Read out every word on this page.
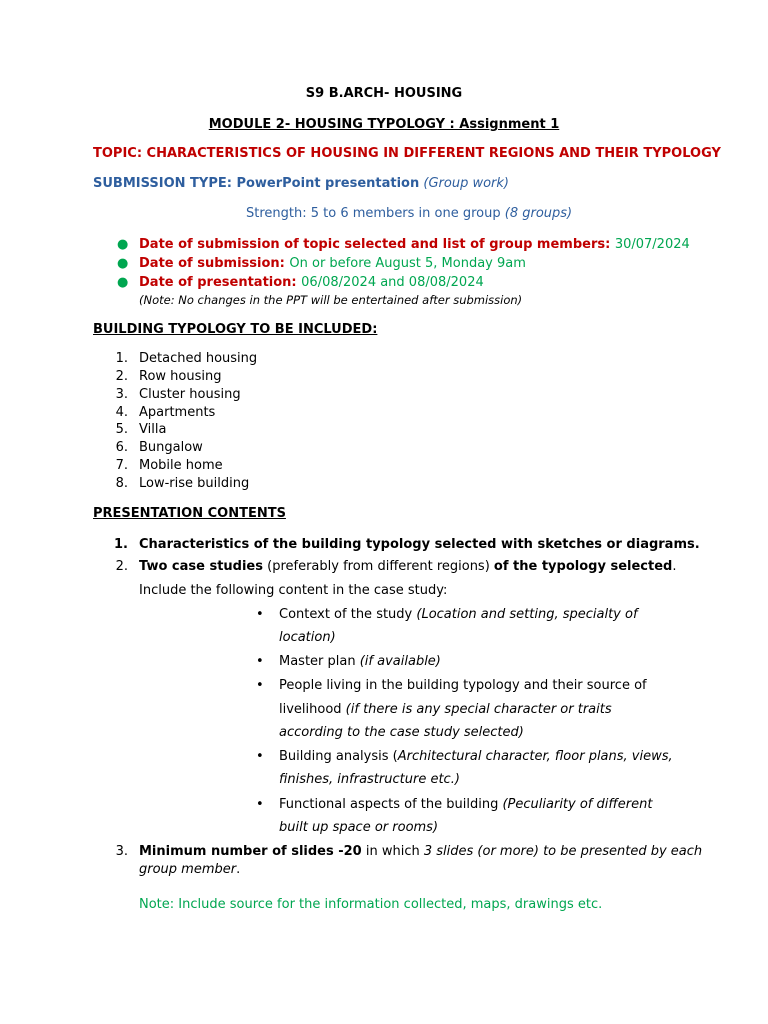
S9 B.ARCH- HOUSING
MODULE 2- HOUSING TYPOLOGY : Assignment 1
TOPIC: CHARACTERISTICS OF HOUSING IN DIFFERENT REGIONS AND THEIR TYPOLOGY
SUBMISSION TYPE: PowerPoint presentation (Group work)
Strength: 5 to 6 members in one group (8 groups)
● Date of submission of topic selected and list of group members: 30/07/2024
● Date of submission: On or before August 5, Monday 9am
● Date of presentation: 06/08/2024 and 08/08/2024
(Note: No changes in the PPT will be entertained after submission)
BUILDING TYPOLOGY TO BE INCLUDED:
1. Detached housing
2. Row housing
3. Cluster housing
4. Apartments
5. Villa
6. Bungalow
7. Mobile home
8. Low-rise building
PRESENTATION CONTENTS
1. Characteristics of the building typology selected with sketches or diagrams.
2. Two case studies (preferably from different regions) of the typology selected.
Include the following content in the case study:
• Context of the study (Location and setting, specialty of
location)
• Master plan (if available)
• People living in the building typology and their source of
livelihood (if there is any special character or traits
according to the case study selected)
• Building analysis (Architectural character, floor plans, views,
finishes, infrastructure etc.)
• Functional aspects of the building (Peculiarity of different
built up space or rooms)
3. Minimum number of slides -20 in which 3 slides (or more) to be presented by each
group member.
Note: Include source for the information collected, maps, drawings etc.
